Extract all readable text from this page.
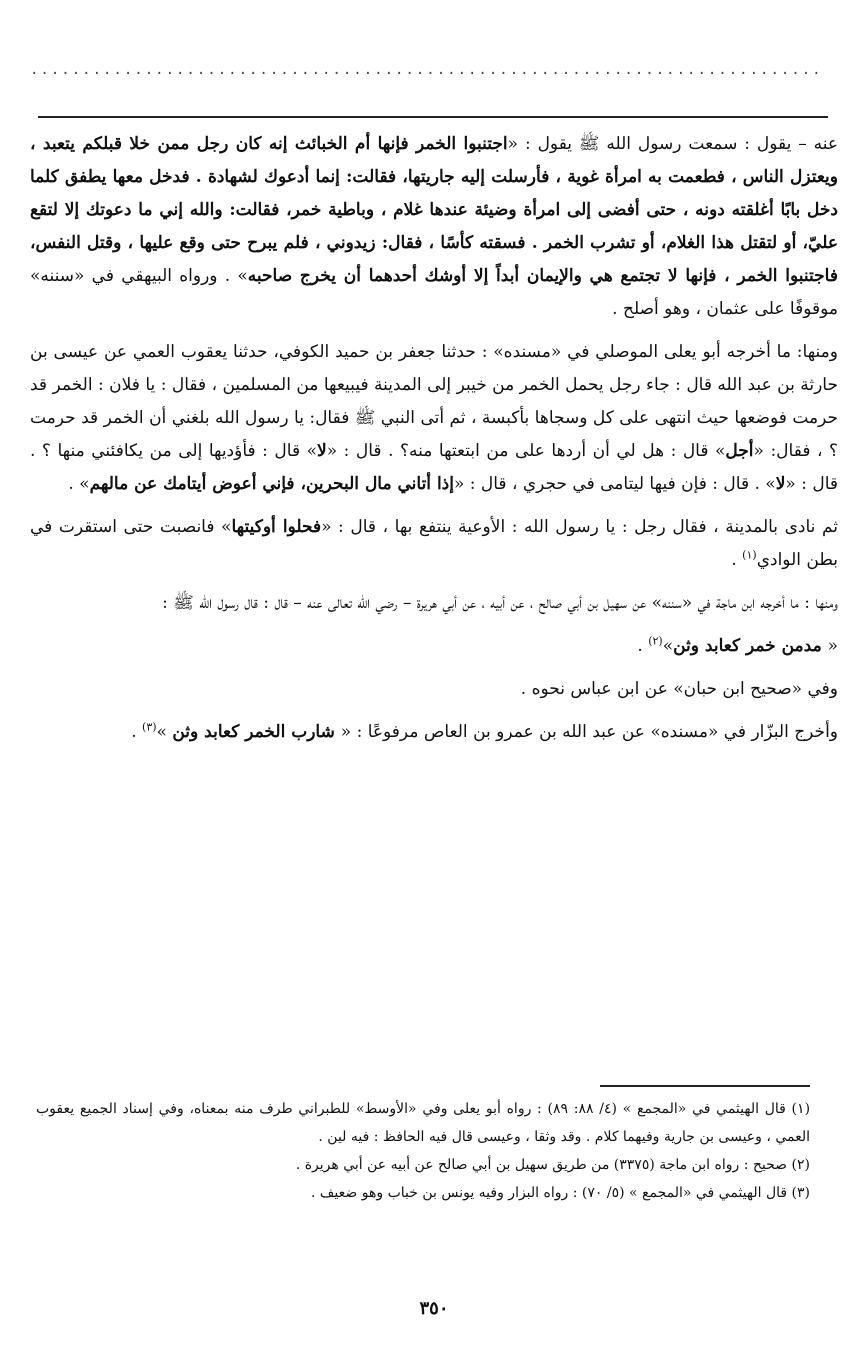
............................................................................

عنه – يقول : سمعت رسول الله ﷺ يقول : «اجتنبوا الخمر فإنها أم الخبائث إنه كان رجل ممن خلا قبلكم يتعبد ، ويعتزل الناس ، فطعمت به امرأة غوية ، فأرسلت إليه جاريتها، فقالت: إنما أدعوك لشهادة . فدخل معها يطفق كلما دخل بابًا أغلقته دونه ، حتى أفضى إلى امرأة وضيئة عندها غلام ، وباطية خمر، فقالت: والله إني ما دعوتك إلا لتقع عليّ، أو لتقتل هذا الغلام، أو تشرب الخمر . فسقته كأسًا ، فقال: زيدوني ، فلم يبرح حتى وقع عليها ، وقتل النفس، فاجتنبوا الخمر ، فإنها لا تجتمع هي والإيمان أبداً إلا أوشك أحدهما أن يخرج صاحبه» . ورواه البيهقي في «سننه» موقوفًا على عثمان ، وهو أصلح .

ومنها: ما أخرجه أبو يعلى الموصلي في «مسنده» : حدثنا جعفر بن حميد الكوفي، حدثنا يعقوب العمي عن عيسى بن حارثة بن عبد الله قال : جاء رجل يحمل الخمر من خيبر إلى المدينة فيبيعها من المسلمين ، فقال : يا فلان : الخمر قد حرمت فوضعها حيث انتهى على كل وسجاها بأكبسة ، ثم أتى النبي ﷺ فقال: يا رسول الله بلغني أن الخمر قد حرمت ؟ ، فقال: «أجل» قال : هل لي أن أردها على من ابتعتها منه؟ . قال : «لا» قال : فأؤديها إلى من يكافئني منها ؟ . قال : «لا» . قال : فإن فيها ليتامى في حجري ، قال : «إذا أتاني مال البحرين، فإني أعوض أيتامك عن مالهم» .

ثم نادى بالمدينة ، فقال رجل : يا رسول الله : الأوعية ينتفع بها ، قال : «فحلوا أوكيتها» فانصبت حتى استقرت في بطن الوادي$^{(١)}$ .

ومنها : ما أخرجه ابن ماجة في «سننه» عن سهيل بن أبي صالح ، عن أبيه ، عن أبي هريرة – رضي الله تعالى عنه – قال : قال رسول الله ﷺ :

« مدمن خمر كعابد وثن»$^{(٢)}$ .

وفي «صحيح ابن حبان» عن ابن عباس نحوه .

وأخرج البزّار في «مسنده» عن عبد الله بن عمرو بن العاص مرفوعًا : « شارب الخمر كعابد وثن »$^{(٣)}$ .

(١) قال الهيثمي في «المجمع » (٤/ ٨٨: ٨٩) : رواه أبو يعلى وفي «الأوسط» للطبراني طرف منه بمعناه، وفي إسناد الجميع يعقوب العمي ، وعيسى بن جارية وفيهما كلام . وقد وثقا ، وعيسى قال فيه الحافظ : فيه لين .

(٢) صحيح : رواه ابن ماجة (٣٣٧٥) من طريق سهيل بن أبي صالح عن أبيه عن أبي هريرة .

(٣) قال الهيثمي في «المجمع » (٥/ ٧٠) : رواه البزار وفيه يونس بن خباب وهو ضعيف .

٣٥٠
